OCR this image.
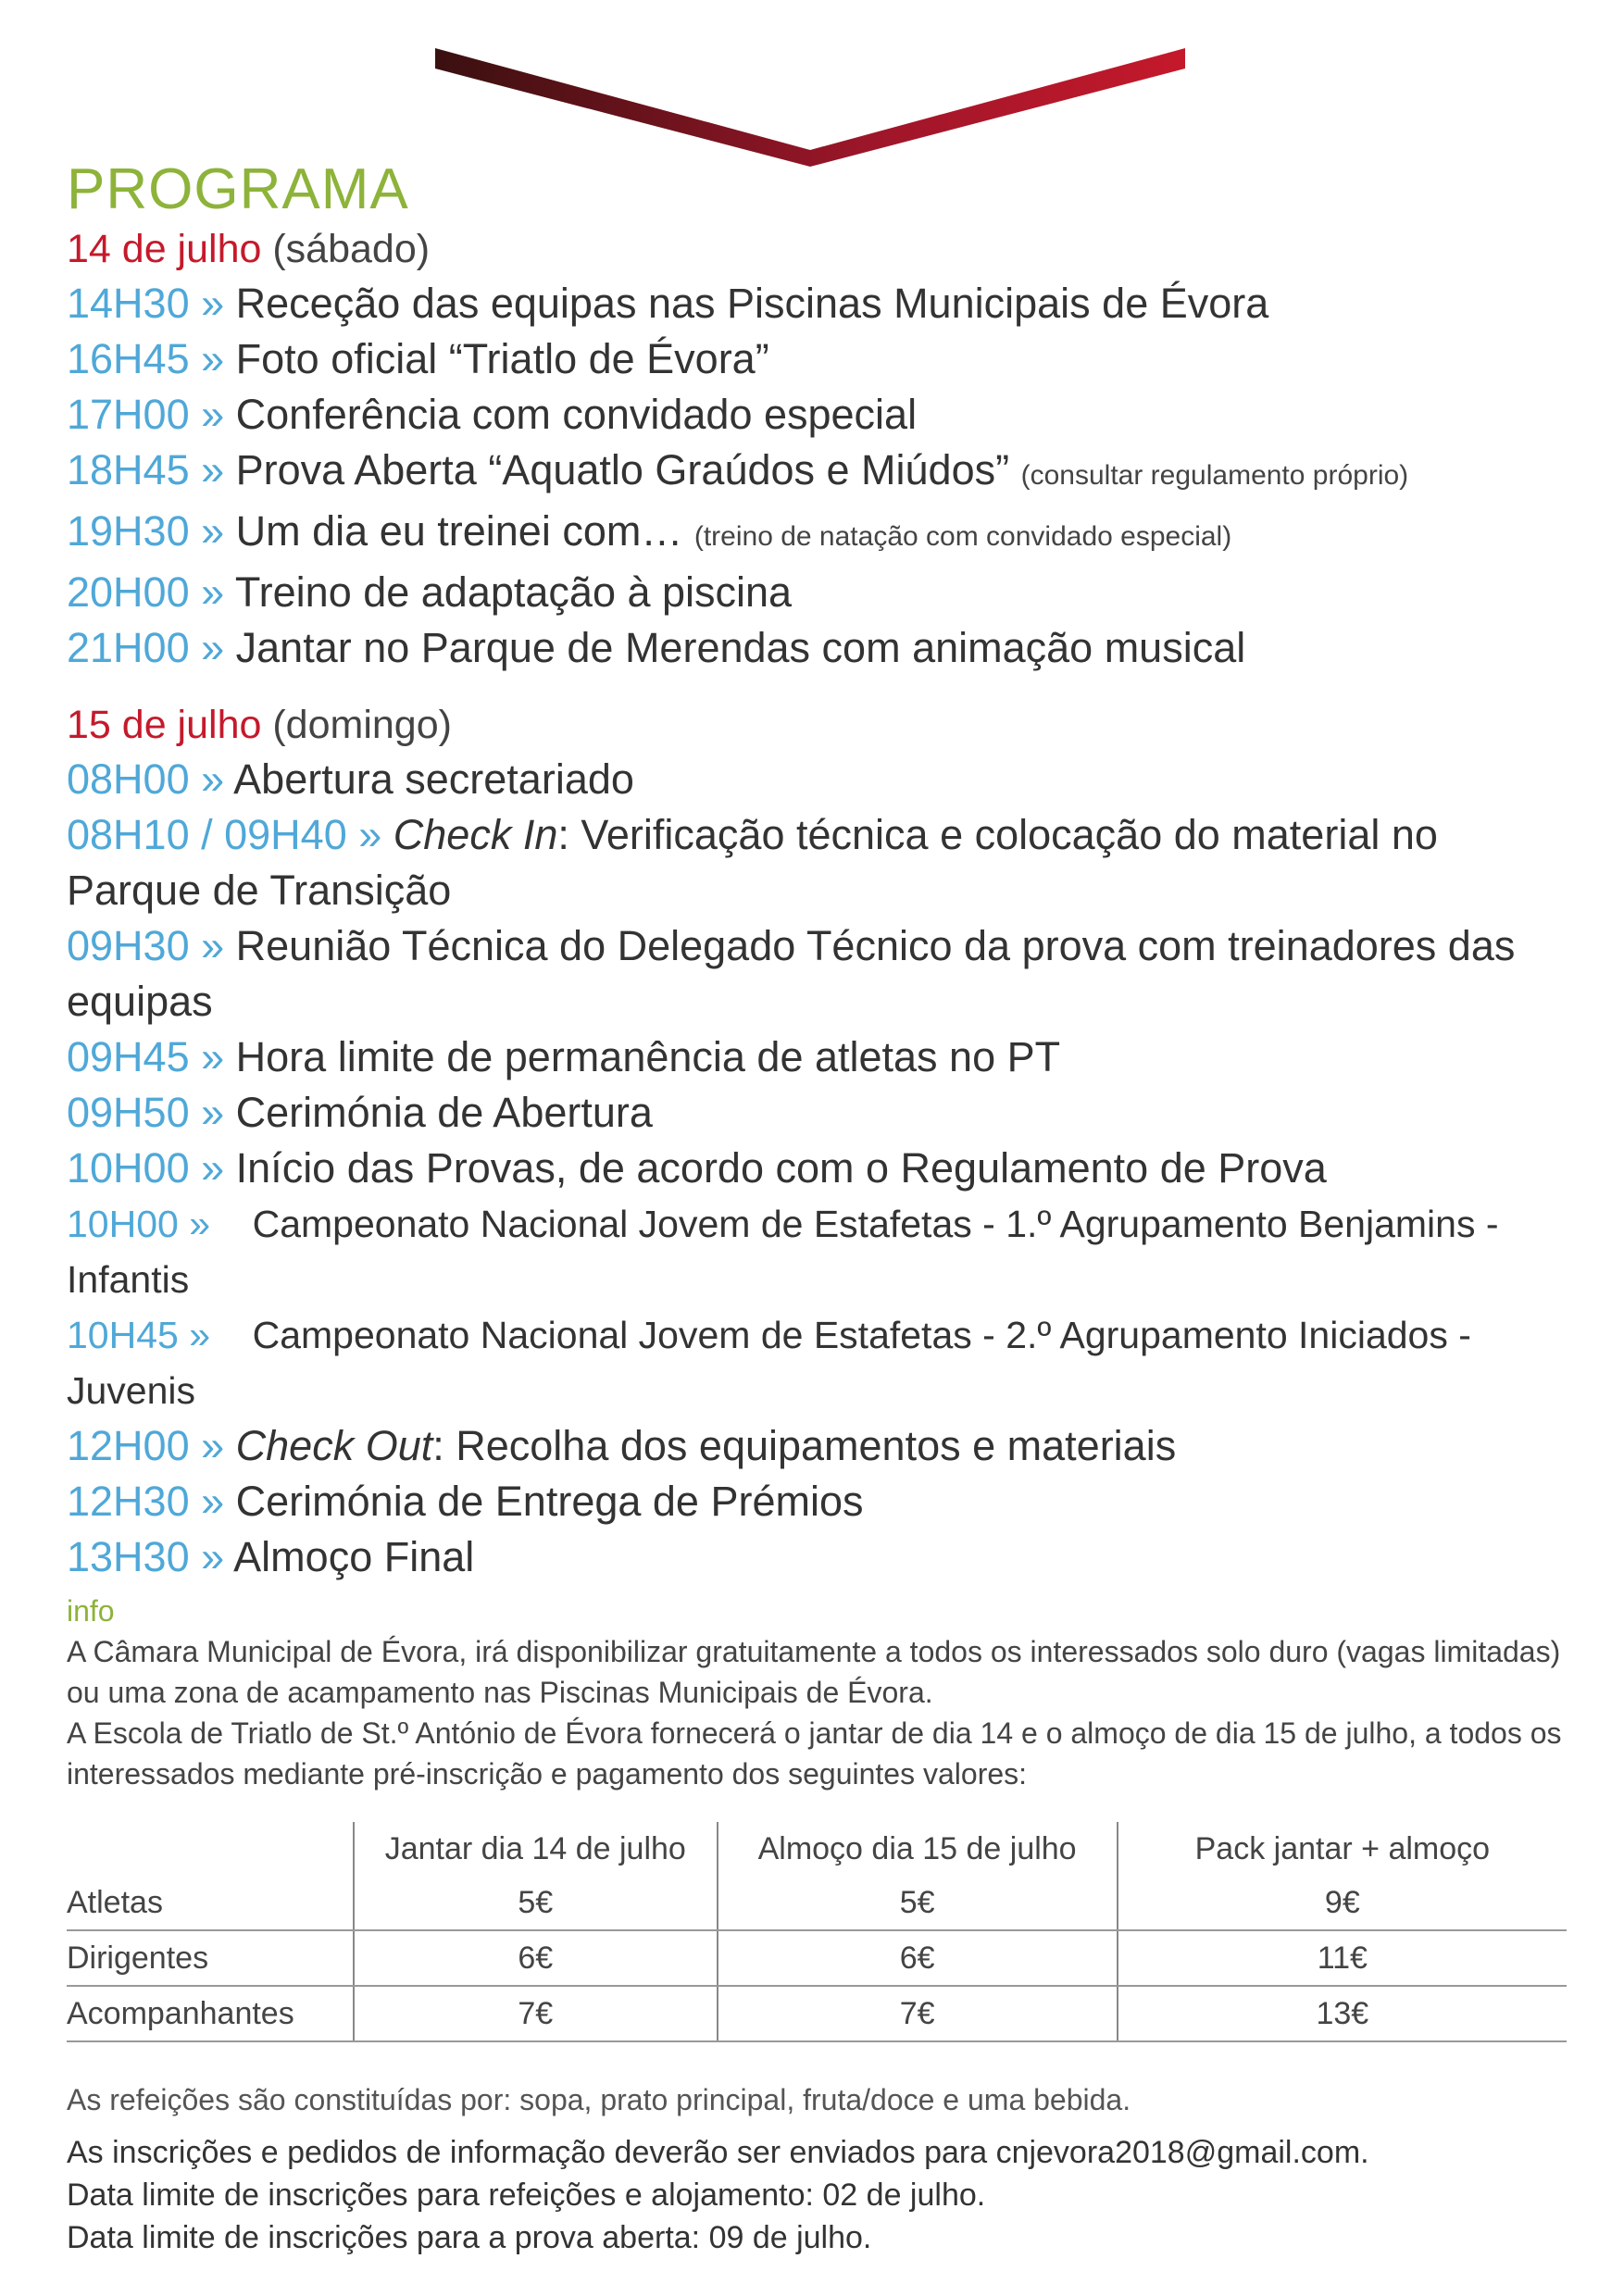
PROGRAMA
14 de julho (sábado)
14H30 » Receção das equipas nas Piscinas Municipais de Évora
16H45 » Foto oficial “Triatlo de Évora”
17H00 » Conferência com convidado especial
18H45 » Prova Aberta “Aquatlo Graúdos e Miúdos” (consultar regulamento próprio)
19H30 » Um dia eu treinei com… (treino de natação com convidado especial)
20H00 » Treino de adaptação à piscina
21H00 » Jantar no Parque de Merendas com animação musical
15 de julho (domingo)
08H00 » Abertura secretariado
08H10 / 09H40 » Check In: Verificação técnica e colocação do material no Parque de Transição
09H30 » Reunião Técnica do Delegado Técnico da prova com treinadores das equipas
09H45 » Hora limite de permanência de atletas no PT
09H50 » Cerimónia de Abertura
10H00 » Início das Provas, de acordo com o Regulamento de Prova
10H00 » Campeonato Nacional Jovem de Estafetas - 1.º Agrupamento Benjamins - Infantis
10H45 » Campeonato Nacional Jovem de Estafetas - 2.º Agrupamento Iniciados - Juvenis
12H00 » Check Out: Recolha dos equipamentos e materiais
12H30 » Cerimónia de Entrega de Prémios
13H30 » Almoço Final
info
A Câmara Municipal de Évora, irá disponibilizar gratuitamente a todos os interessados solo duro (vagas limitadas) ou uma zona de acampamento nas Piscinas Municipais de Évora.
A Escola de Triatlo de St.º António de Évora fornecerá o jantar de dia 14 e o almoço de dia 15 de julho, a todos os interessados mediante pré-inscrição e pagamento dos seguintes valores:
	Jantar dia 14 de julho	Almoço dia 15 de julho	Pack jantar + almoço
Atletas	5€	5€	9€
Dirigentes	6€	6€	11€
Acompanhantes	7€	7€	13€
As refeições são constituídas por: sopa, prato principal, fruta/doce e uma bebida.
As inscrições e pedidos de informação deverão ser enviados para cnjevora2018@gmail.com.
Data limite de inscrições para refeições e alojamento: 02 de julho.
Data limite de inscrições para a prova aberta: 09 de julho.
